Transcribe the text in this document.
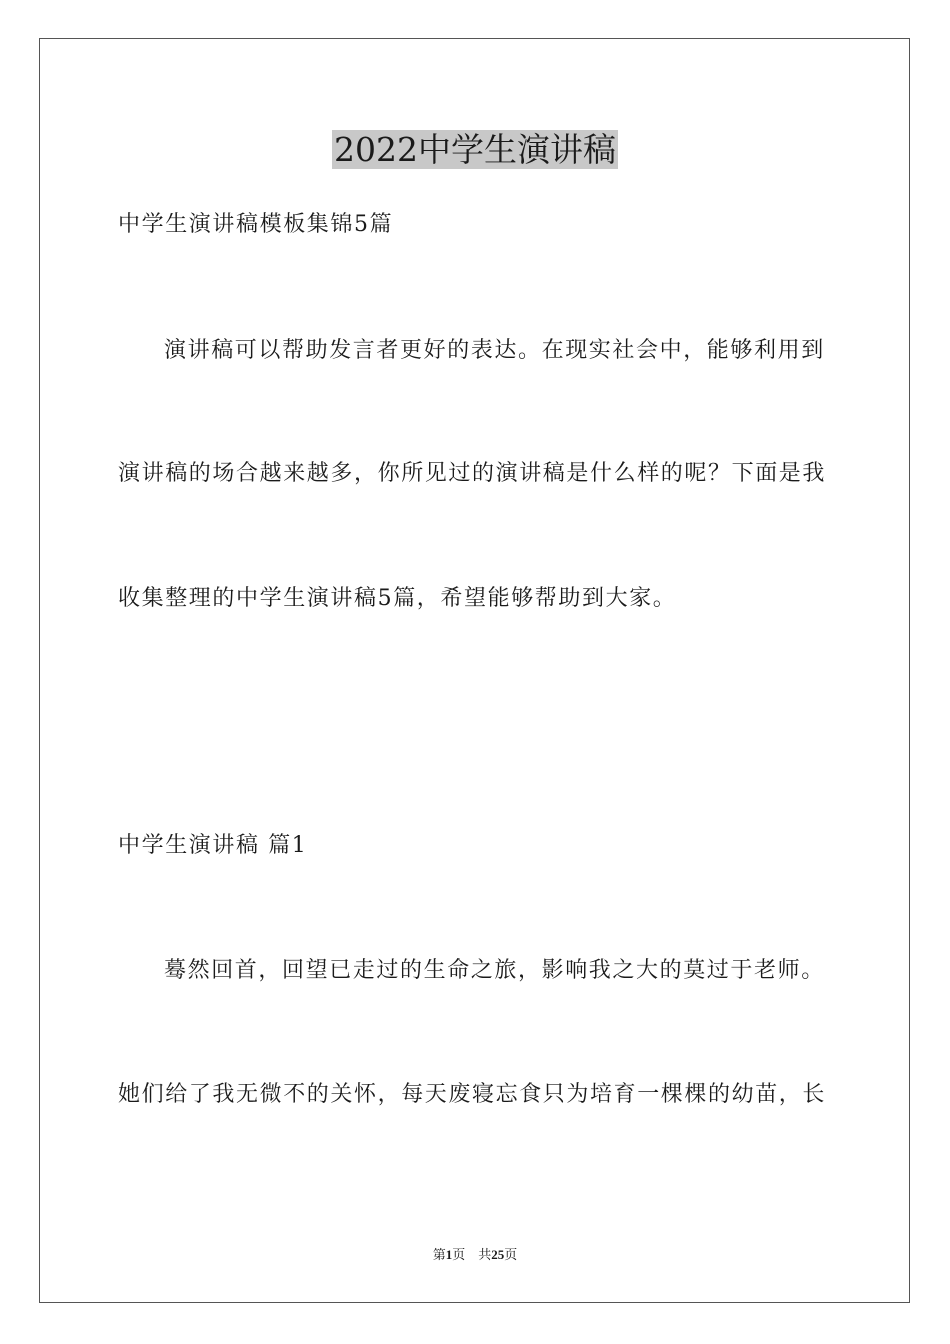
2022中学生演讲稿
中学生演讲稿模板集锦5篇
演讲稿可以帮助发言者更好的表达。在现实社会中，能够利用到
演讲稿的场合越来越多，你所见过的演讲稿是什么样的呢？下面是我
收集整理的中学生演讲稿5篇，希望能够帮助到大家。
中学生演讲稿 篇1
蓦然回首，回望已走过的生命之旅，影响我之大的莫过于老师。
她们给了我无微不的关怀，每天废寝忘食只为培育一棵棵的幼苗，长
第1页    共25页
